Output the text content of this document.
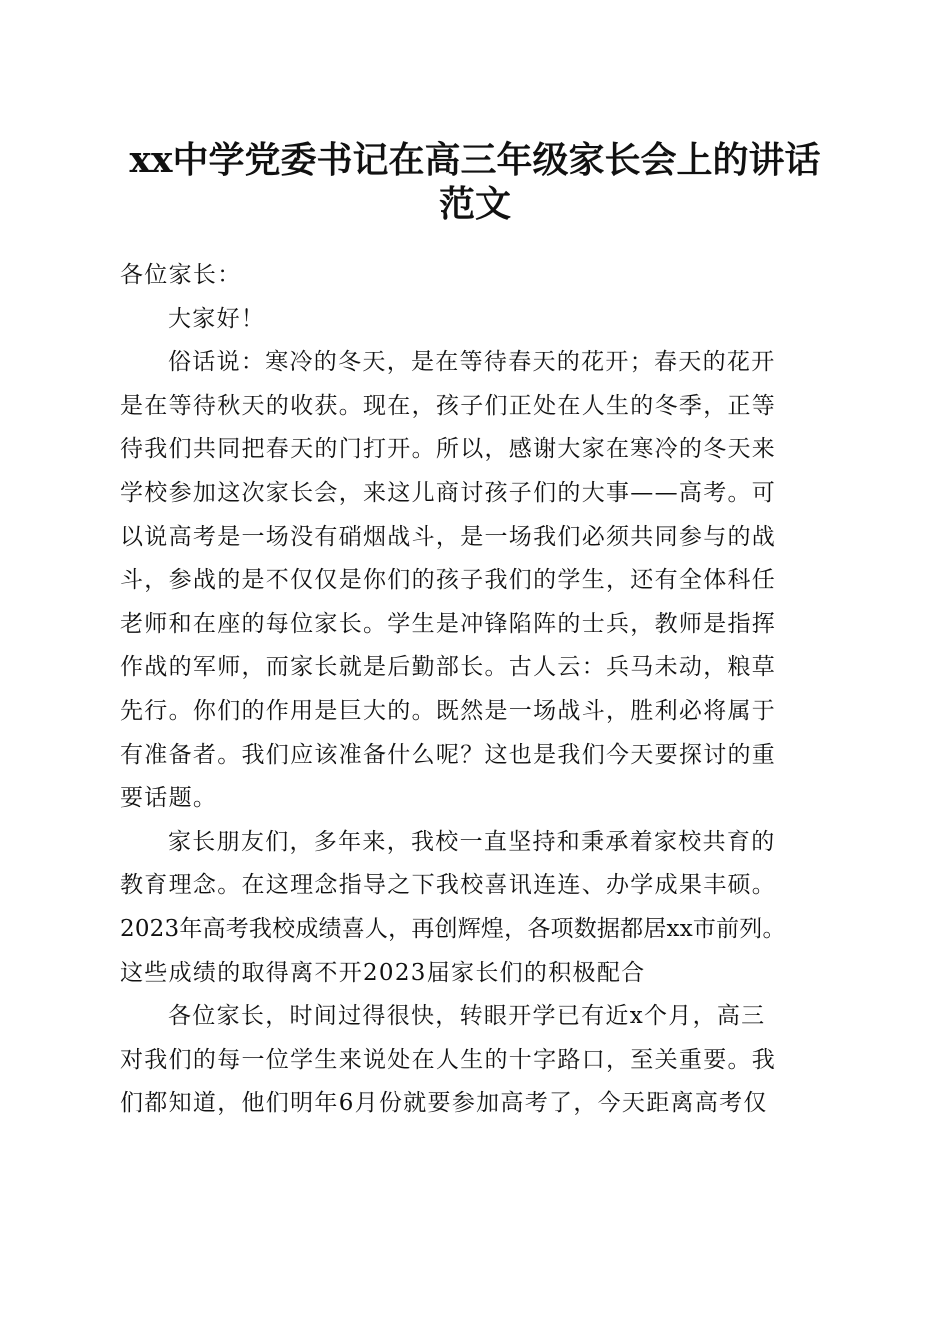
xx中学党委书记在高三年级家长会上的讲话
范文

各位家长：

大家好！

俗话说：寒冷的冬天，是在等待春天的花开；春天的花开
是在等待秋天的收获。现在，孩子们正处在人生的冬季，正等
待我们共同把春天的门打开。所以，感谢大家在寒冷的冬天来
学校参加这次家长会，来这儿商讨孩子们的大事——高考。可
以说高考是一场没有硝烟战斗，是一场我们必须共同参与的战
斗，参战的是不仅仅是你们的孩子我们的学生，还有全体科任
老师和在座的每位家长。学生是冲锋陷阵的士兵，教师是指挥
作战的军师，而家长就是后勤部长。古人云：兵马未动，粮草
先行。你们的作用是巨大的。既然是一场战斗，胜利必将属于
有准备者。我们应该准备什么呢？这也是我们今天要探讨的重
要话题。

家长朋友们，多年来，我校一直坚持和秉承着家校共育的
教育理念。在这理念指导之下我校喜讯连连、办学成果丰硕。
2023年高考我校成绩喜人，再创辉煌，各项数据都居xx市前列。
这些成绩的取得离不开2023届家长们的积极配合

各位家长，时间过得很快，转眼开学已有近x个月，高三
对我们的每一位学生来说处在人生的十字路口，至关重要。我
们都知道，他们明年6月份就要参加高考了，今天距离高考仅
